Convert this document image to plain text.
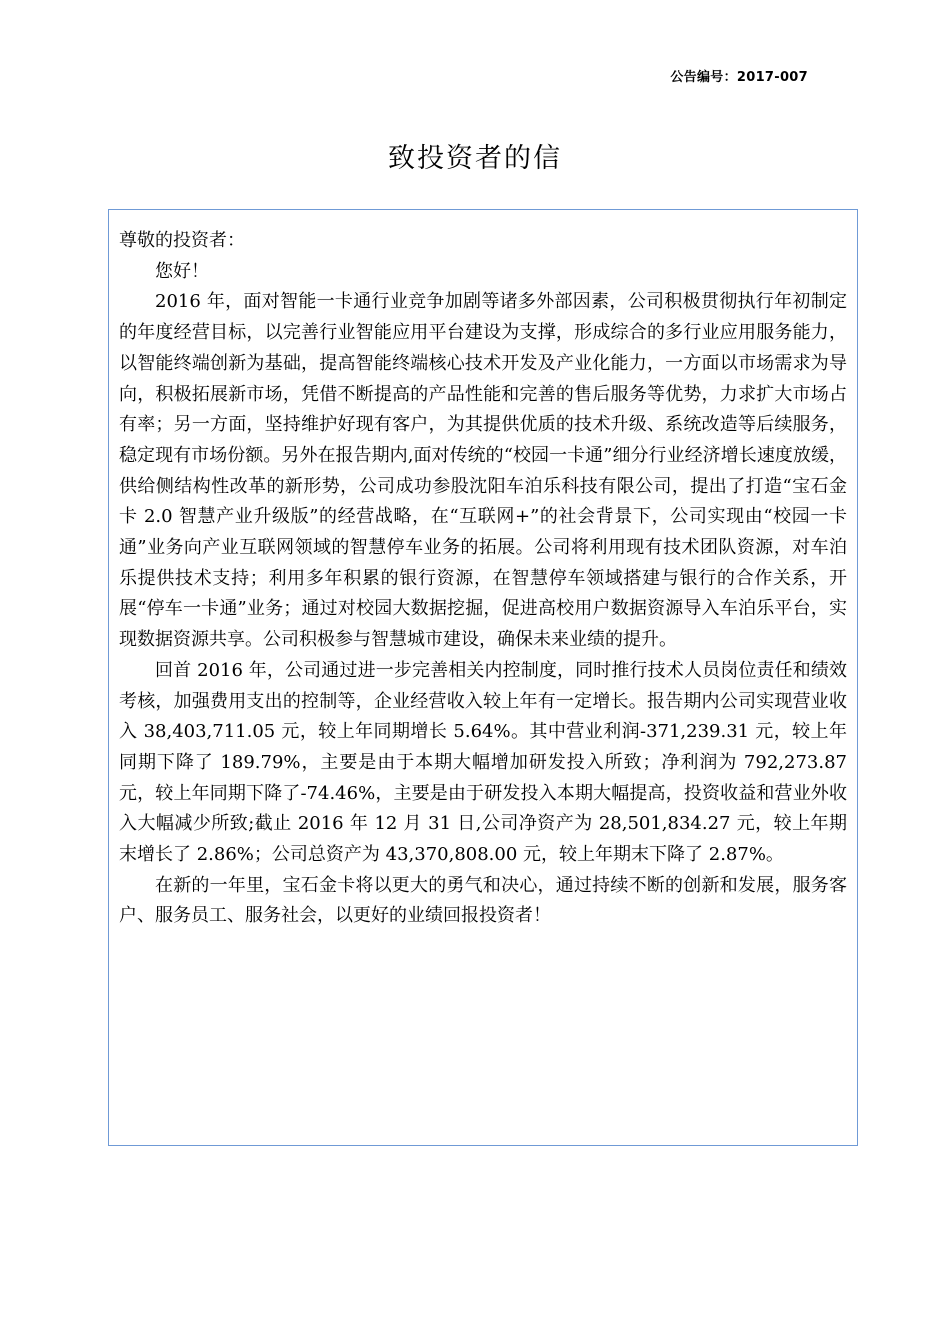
公告编号：2017-007
致投资者的信
尊敬的投资者：
您好！

2016 年，面对智能一卡通行业竞争加剧等诸多外部因素，公司积极贯彻执行年初制定的年度经营目标，以完善行业智能应用平台建设为支撑，形成综合的多行业应用服务能力，以智能终端创新为基础，提高智能终端核心技术开发及产业化能力，一方面以市场需求为导向，积极拓展新市场，凭借不断提高的产品性能和完善的售后服务等优势，力求扩大市场占有率；另一方面，坚持维护好现有客户，为其提供优质的技术升级、系统改造等后续服务，稳定现有市场份额。另外在报告期内,面对传统的“校园一卡通”细分行业经济增长速度放缓，供给侧结构性改革的新形势，公司成功参股沈阳车泊乐科技有限公司，提出了打造“宝石金卡 2.0 智慧产业升级版”的经营战略，在“互联网+”的社会背景下，公司实现由“校园一卡通”业务向产业互联网领域的智慧停车业务的拓展。公司将利用现有技术团队资源，对车泊乐提供技术支持；利用多年积累的银行资源，在智慧停车领域搭建与银行的合作关系，开展“停车一卡通”业务；通过对校园大数据挖掘，促进高校用户数据资源导入车泊乐平台，实现数据资源共享。公司积极参与智慧城市建设，确保未来业绩的提升。

回首 2016 年，公司通过进一步完善相关内控制度，同时推行技术人员岗位责任和绩效考核，加强费用支出的控制等，企业经营收入较上年有一定增长。报告期内公司实现营业收入 38,403,711.05 元，较上年同期增长 5.64%。其中营业利润-371,239.31 元，较上年同期下降了 189.79%，主要是由于本期大幅增加研发投入所致；净利润为 792,273.87 元，较上年同期下降了-74.46%，主要是由于研发投入本期大幅提高，投资收益和营业外收入大幅减少所致;截止 2016 年 12 月 31 日,公司净资产为 28,501,834.27 元，较上年期末增长了 2.86%；公司总资产为 43,370,808.00 元，较上年期末下降了 2.87%。

在新的一年里，宝石金卡将以更大的勇气和决心，通过持续不断的创新和发展，服务客户、服务员工、服务社会，以更好的业绩回报投资者！
